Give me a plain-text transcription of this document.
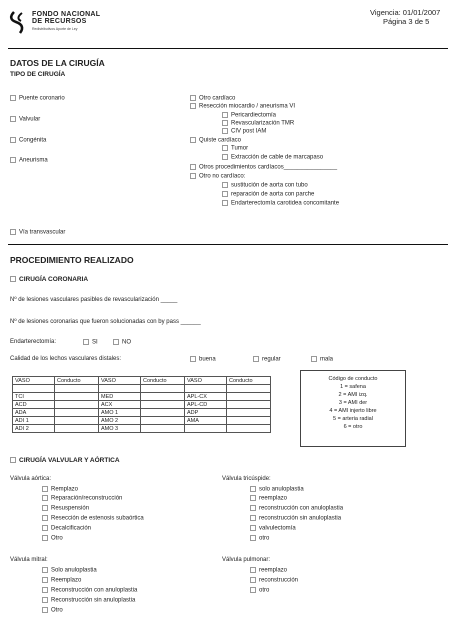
FONDO NACIONAL
DE RECURSOS
Redistributivos Aporte de Ley
Vigencia: 01/01/2007
Página 3 de 5
DATOS DE LA CIRUGÍA
TIPO DE CIRUGÍA
Puente coronario
Valvular
Congénita
Aneurisma
Vía transvascular
Otro cardíaco
Resección miocardio / aneurisma VI
Pericardiectomía
Revascularización TMR
CIV post IAM
Quiste cardíaco
Tumor
Extracción de cable de marcapaso
Otros procedimientos cardíacos________________
Otro no cardíaco:
sustitución de aorta con tubo
reparación de aorta con parche
Endarterectomía carotidea concomitante
PROCEDIMIENTO REALIZADO
CIRUGÍA CORONARIA
Nº de lesiones vasculares pasibles de revascularización _____
Nº de lesiones coronarias que fueron solucionadas con by pass ______
Endarterectomía:	SI	NO
Calidad de los lechos vasculares distales:	buena	regular	mala
VASO	Conducto	VASO	Conducto	VASO	Conducto

TCI		MED		APL-CX	
ACD		ACX		APL-CD	
ADA		AMO 1		ADP	
ADI 1		AMO 2		AMA	
ADI 2		AMO 3			
Código de conducto
1 = safena
2 = AMI izq.
3 = AMI der
4 = AMI injerto libre
5 = arteria radial
6 = otro
CIRUGÍA VALVULAR Y AÓRTICA
Válvula aórtica:
Remplazo
Reparación/reconstrucción
Resuspensión
Resección de estenosis subaórtica
Decalcificación
Otro
Válvula tricúspide:
solo anuloplastia
reemplazo
reconstrucción con anuloplastia
reconstrucción sin anuloplastia
valvulectomía
otro
Válvula mitral:
Solo anuloplastia
Reemplazo
Reconstrucción con anuloplastia
Reconstrucción sin anuloplastia
Otro
Válvula pulmonar:
reemplazo
reconstrucción
otro
